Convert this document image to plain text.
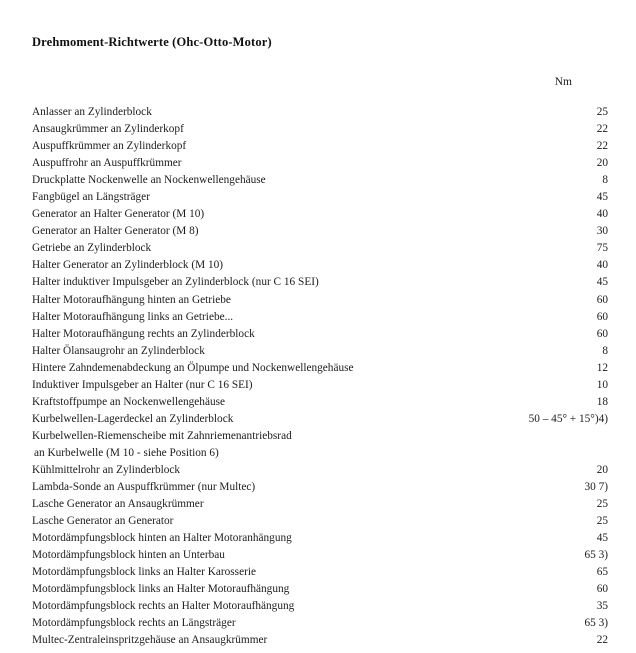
Drehmoment-Richtwerte (Ohc-Otto-Motor)
Nm
Anlasser an Zylinderblock	25
Ansaugkrümmer an Zylinderkopf	22
Auspuffkrümmer an Zylinderkopf	22
Auspuffrohr an Auspuffkrümmer	20
Druckplatte Nockenwelle an Nockenwellengehäuse	8
Fangbügel an Längsträger	45
Generator an Halter Generator (M 10)	40
Generator an Halter Generator (M 8)	30
Getriebe an Zylinderblock	75
Halter Generator an Zylinderblock (M 10)	40
Halter induktiver Impulsgeber an Zylinderblock (nur C 16 SEI)	45
Halter Motoraufhängung hinten an Getriebe	60
Halter Motoraufhängung links an Getriebe...	60
Halter Motoraufhängung rechts an Zylinderblock	60
Halter Ölansaugrohr an Zylinderblock	8
Hintere Zahndemenabdeckung an Ölpumpe und Nockenwellengehäuse	12
Induktiver Impulsgeber an Halter (nur C 16 SEI)	10
Kraftstoffpumpe an Nockenwellengehäuse	18
Kurbelwellen-Lagerdeckel an Zylinderblock	50 – 45° + 15°)4)
Kurbelwellen-Riemenscheibe mit Zahnriemenantriebsrad	
an Kurbelwelle (M 10 - siehe Position 6)	
Kühlmittelrohr an Zylinderblock	20
Lambda-Sonde an Auspuffkrümmer (nur Multec)	30 7)
Lasche Generator an Ansaugkrümmer	25
Lasche Generator an Generator	25
Motordämpfungsblock hinten an Halter Motoranhängung	45
Motordämpfungsblock hinten an Unterbau	65 3)
Motordämpfungsblock links an Halter Karosserie	65
Motordämpfungsblock links an Halter Motoraufhängung	60
Motordämpfungsblock rechts an Halter Motoraufhängung	35
Motordämpfungsblock rechts an Längsträger	65 3)
Multec-Zentraleinspritzgehäuse an Ansaugkrümmer	22
